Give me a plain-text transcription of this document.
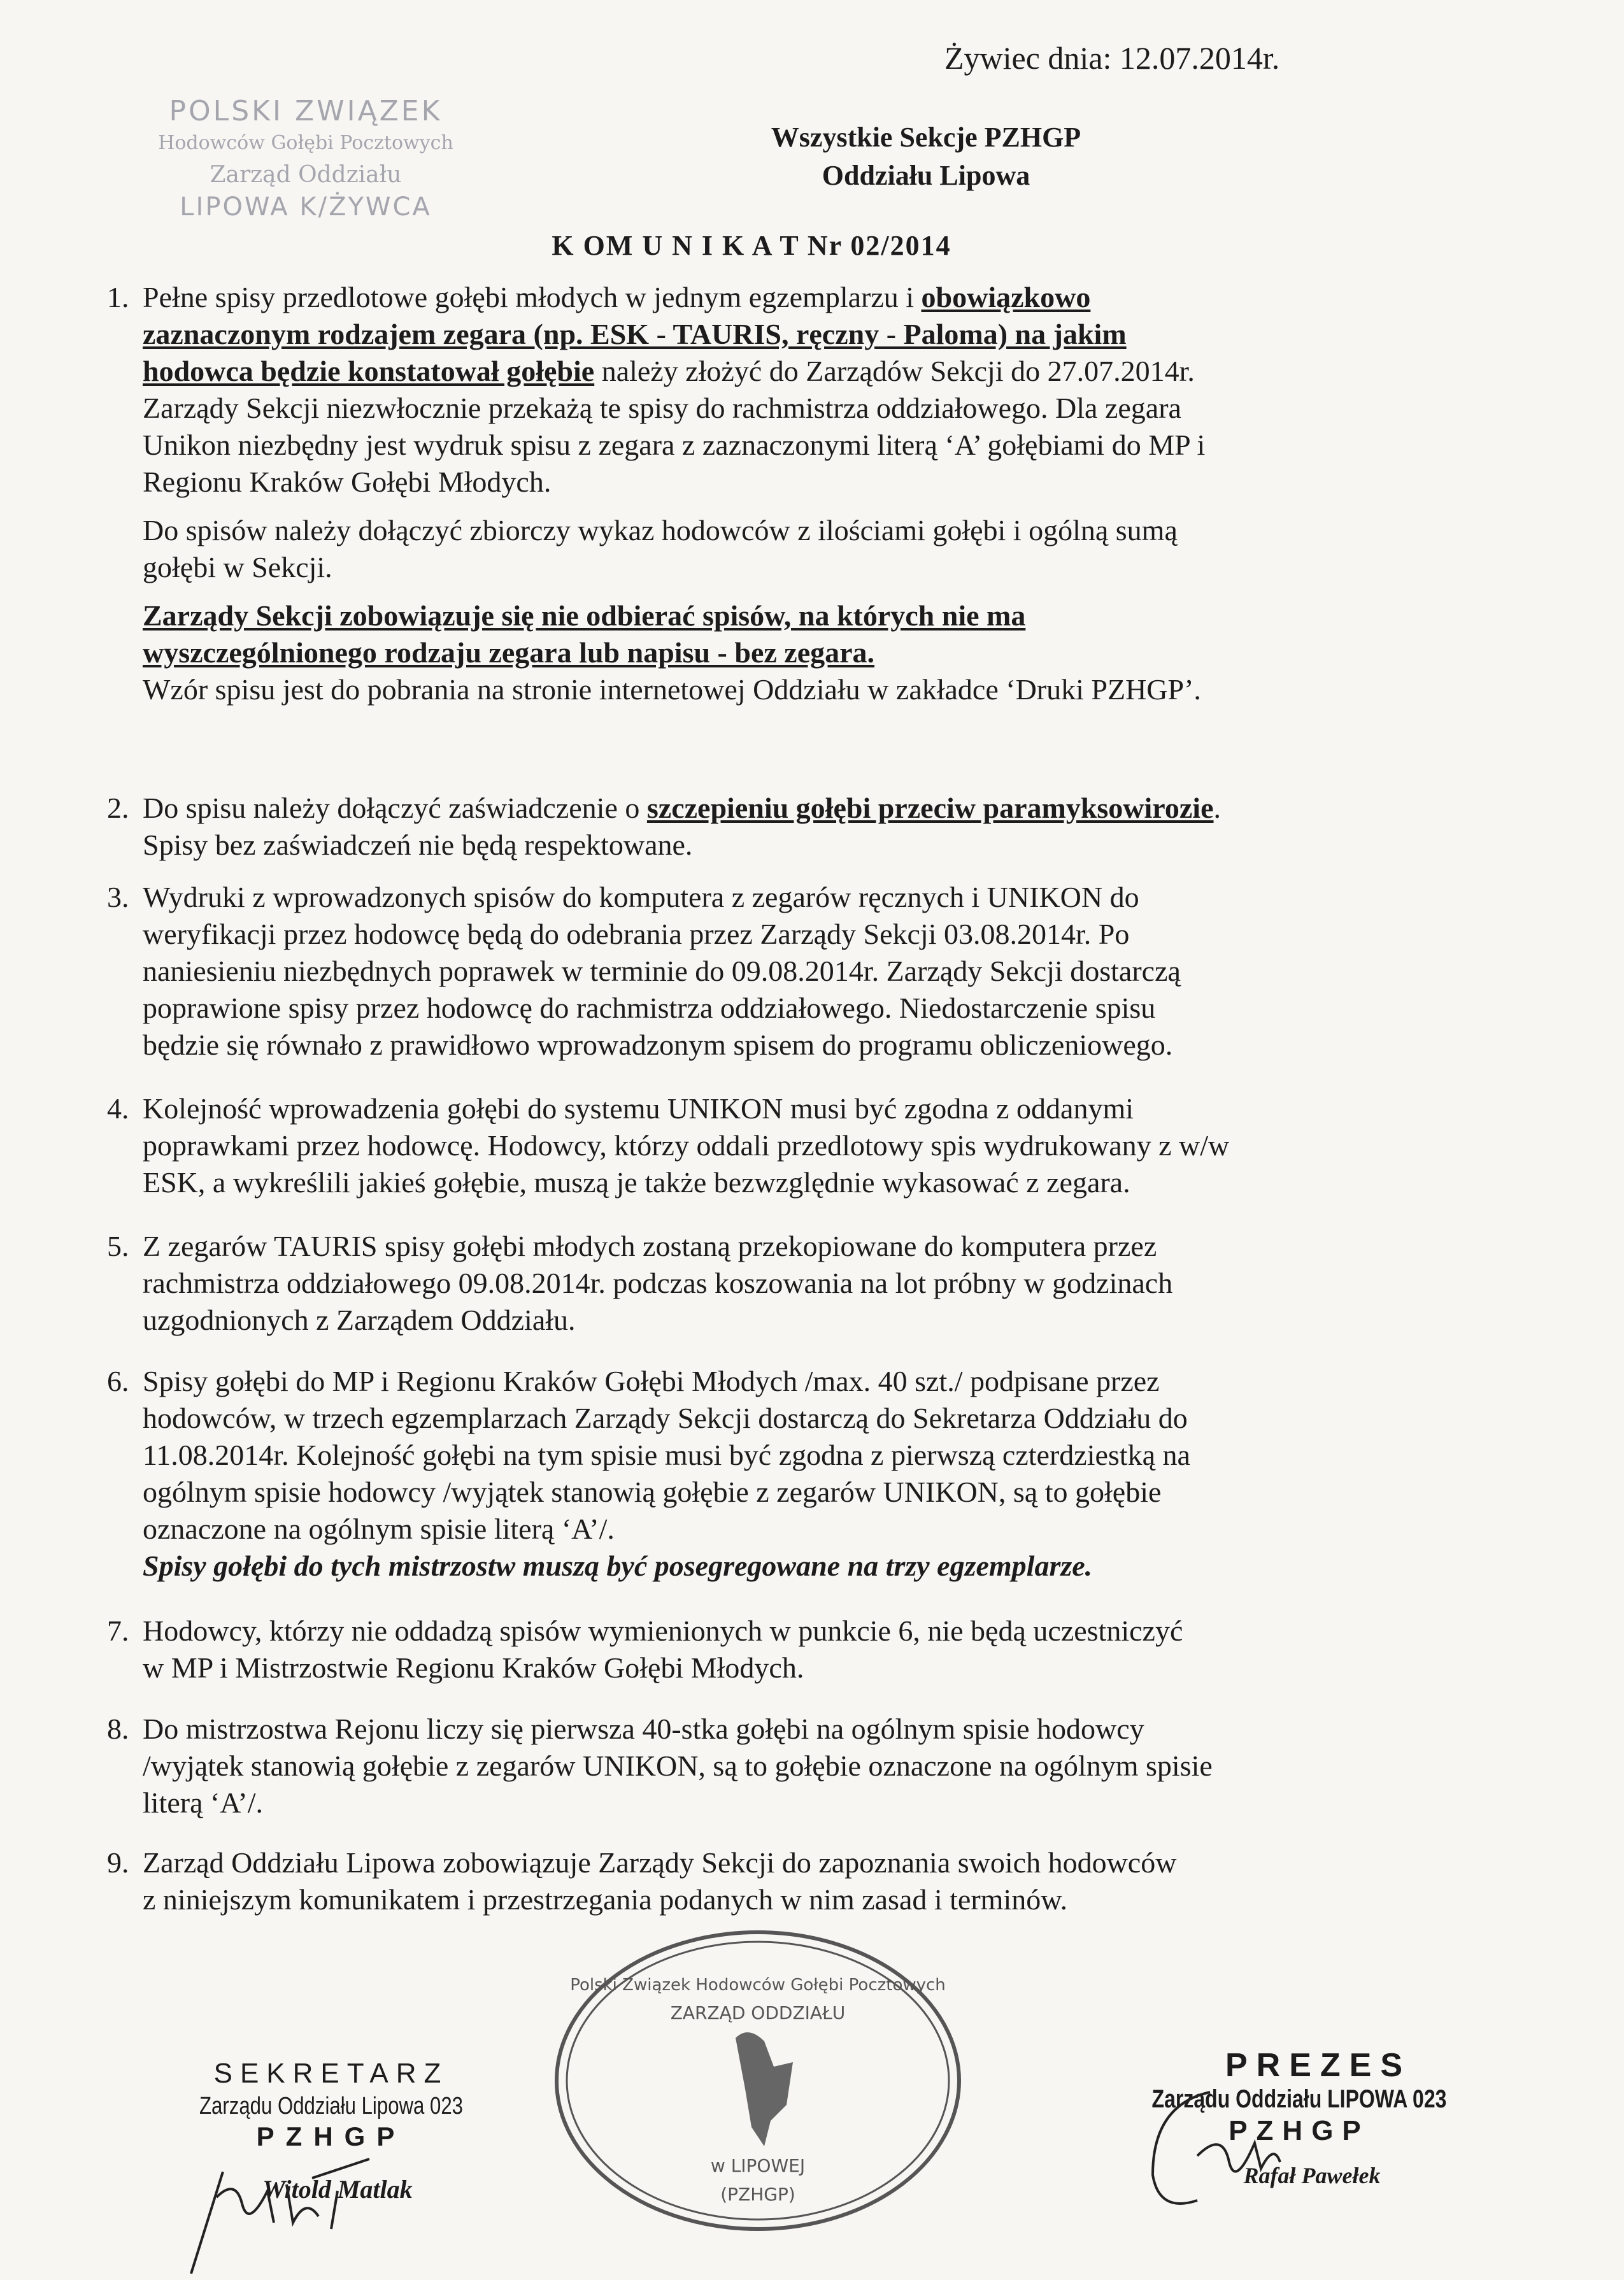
Żywiec dnia: 12.07.2014r.
POLSKI ZWIĄZEK
Hodowców Gołębi Pocztowych
Zarząd Oddziału
LIPOWA K/ŻYWCA
Wszystkie Sekcje PZHGP
Oddziału Lipowa
K OM U N I K A T Nr 02/2014
1. Pełne spisy przedlotowe gołębi młodych w jednym egzemplarzu i obowiązkowo
zaznaczonym rodzajem zegara (np. ESK - TAURIS, ręczny - Paloma) na jakim
hodowca będzie konstatował gołębie należy złożyć do Zarządów Sekcji do 27.07.2014r.
Zarządy Sekcji niezwłocznie przekażą te spisy do rachmistrza oddziałowego. Dla zegara
Unikon niezbędny jest wydruk spisu z zegara z zaznaczonymi literą ‘A’ gołębiami do MP i
Regionu Kraków Gołębi Młodych.
Do spisów należy dołączyć zbiorczy wykaz hodowców z ilościami gołębi i ogólną sumą
gołębi w Sekcji.
Zarządy Sekcji zobowiązuje się nie odbierać spisów, na których nie ma
wyszczególnionego rodzaju zegara lub napisu - bez zegara.
Wzór spisu jest do pobrania na stronie internetowej Oddziału w zakładce ‘Druki PZHGP’.
2. Do spisu należy dołączyć zaświadczenie o szczepieniu gołębi przeciw paramyksowirozie.
Spisy bez zaświadczeń nie będą respektowane.
3. Wydruki z wprowadzonych spisów do komputera z zegarów ręcznych i UNIKON do
weryfikacji przez hodowcę będą do odebrania przez Zarządy Sekcji 03.08.2014r. Po
naniesieniu niezbędnych poprawek w terminie do 09.08.2014r. Zarządy Sekcji dostarczą
poprawione spisy przez hodowcę do rachmistrza oddziałowego. Niedostarczenie spisu
będzie się równało z prawidłowo wprowadzonym spisem do programu obliczeniowego.
4. Kolejność wprowadzenia gołębi do systemu UNIKON musi być zgodna z oddanymi
poprawkami przez hodowcę. Hodowcy, którzy oddali przedlotowy spis wydrukowany z w/w
ESK, a wykreślili jakieś gołębie, muszą je także bezwzględnie wykasować z zegara.
5. Z zegarów TAURIS spisy gołębi młodych zostaną przekopiowane do komputera przez
rachmistrza oddziałowego 09.08.2014r. podczas koszowania na lot próbny w godzinach
uzgodnionych z Zarządem Oddziału.
6. Spisy gołębi do MP i Regionu Kraków Gołębi Młodych /max. 40 szt./ podpisane przez
hodowców, w trzech egzemplarzach Zarządy Sekcji dostarczą do Sekretarza Oddziału do
11.08.2014r. Kolejność gołębi na tym spisie musi być zgodna z pierwszą czterdziestką na
ogólnym spisie hodowcy /wyjątek stanowią gołębie z zegarów UNIKON, są to gołębie
oznaczone na ogólnym spisie literą ‘A’/.
Spisy gołębi do tych mistrzostw muszą być posegregowane na trzy egzemplarze.
7. Hodowcy, którzy nie oddadzą spisów wymienionych w punkcie 6, nie będą uczestniczyć
w MP i Mistrzostwie Regionu Kraków Gołębi Młodych.
8. Do mistrzostwa Rejonu liczy się pierwsza 40-stka gołębi na ogólnym spisie hodowcy
/wyjątek stanowią gołębie z zegarów UNIKON, są to gołębie oznaczone na ogólnym spisie
literą ‘A’/.
9. Zarząd Oddziału Lipowa zobowiązuje Zarządy Sekcji do zapoznania swoich hodowców
z niniejszym komunikatem i przestrzegania podanych w nim zasad i terminów.
Polski Związek Hodowców Gołębi Pocztowych
ZARZĄD ODDZIAŁU
w LIPOWEJ
(PZHGP)
SEKRETARZ
Zarządu Oddziału Lipowa 023
PZHGP
Witold Matlak
PREZES
Zarządu Oddziału LIPOWA 023
PZHGP
Rafał Pawełek
